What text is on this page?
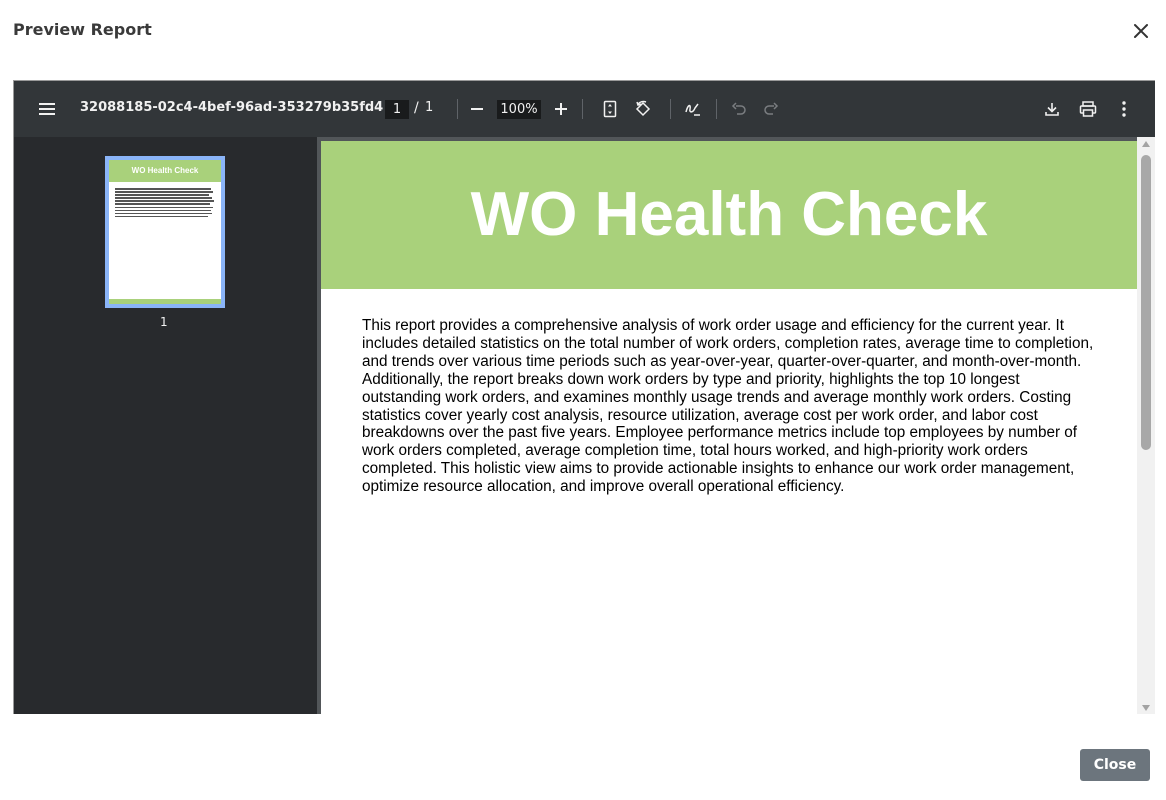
Preview Report
32088185-02c4-4bef-96ad-353279b35fd4 1 / 1	100%
WO Health Check
1
WO Health Check
This report provides a comprehensive analysis of work order usage and efficiency for the current year. It includes detailed statistics on the total number of work orders, completion rates, average time to completion, and trends over various time periods such as year-over-year, quarter-over-quarter, and month-over-month. Additionally, the report breaks down work orders by type and priority, highlights the top 10 longest outstanding work orders, and examines monthly usage trends and average monthly work orders. Costing statistics cover yearly cost analysis, resource utilization, average cost per work order, and labor cost breakdowns over the past five years. Employee performance metrics include top employees by number of work orders completed, average completion time, total hours worked, and high-priority work orders completed. This holistic view aims to provide actionable insights to enhance our work order management, optimize resource allocation, and improve overall operational efficiency.
Close
